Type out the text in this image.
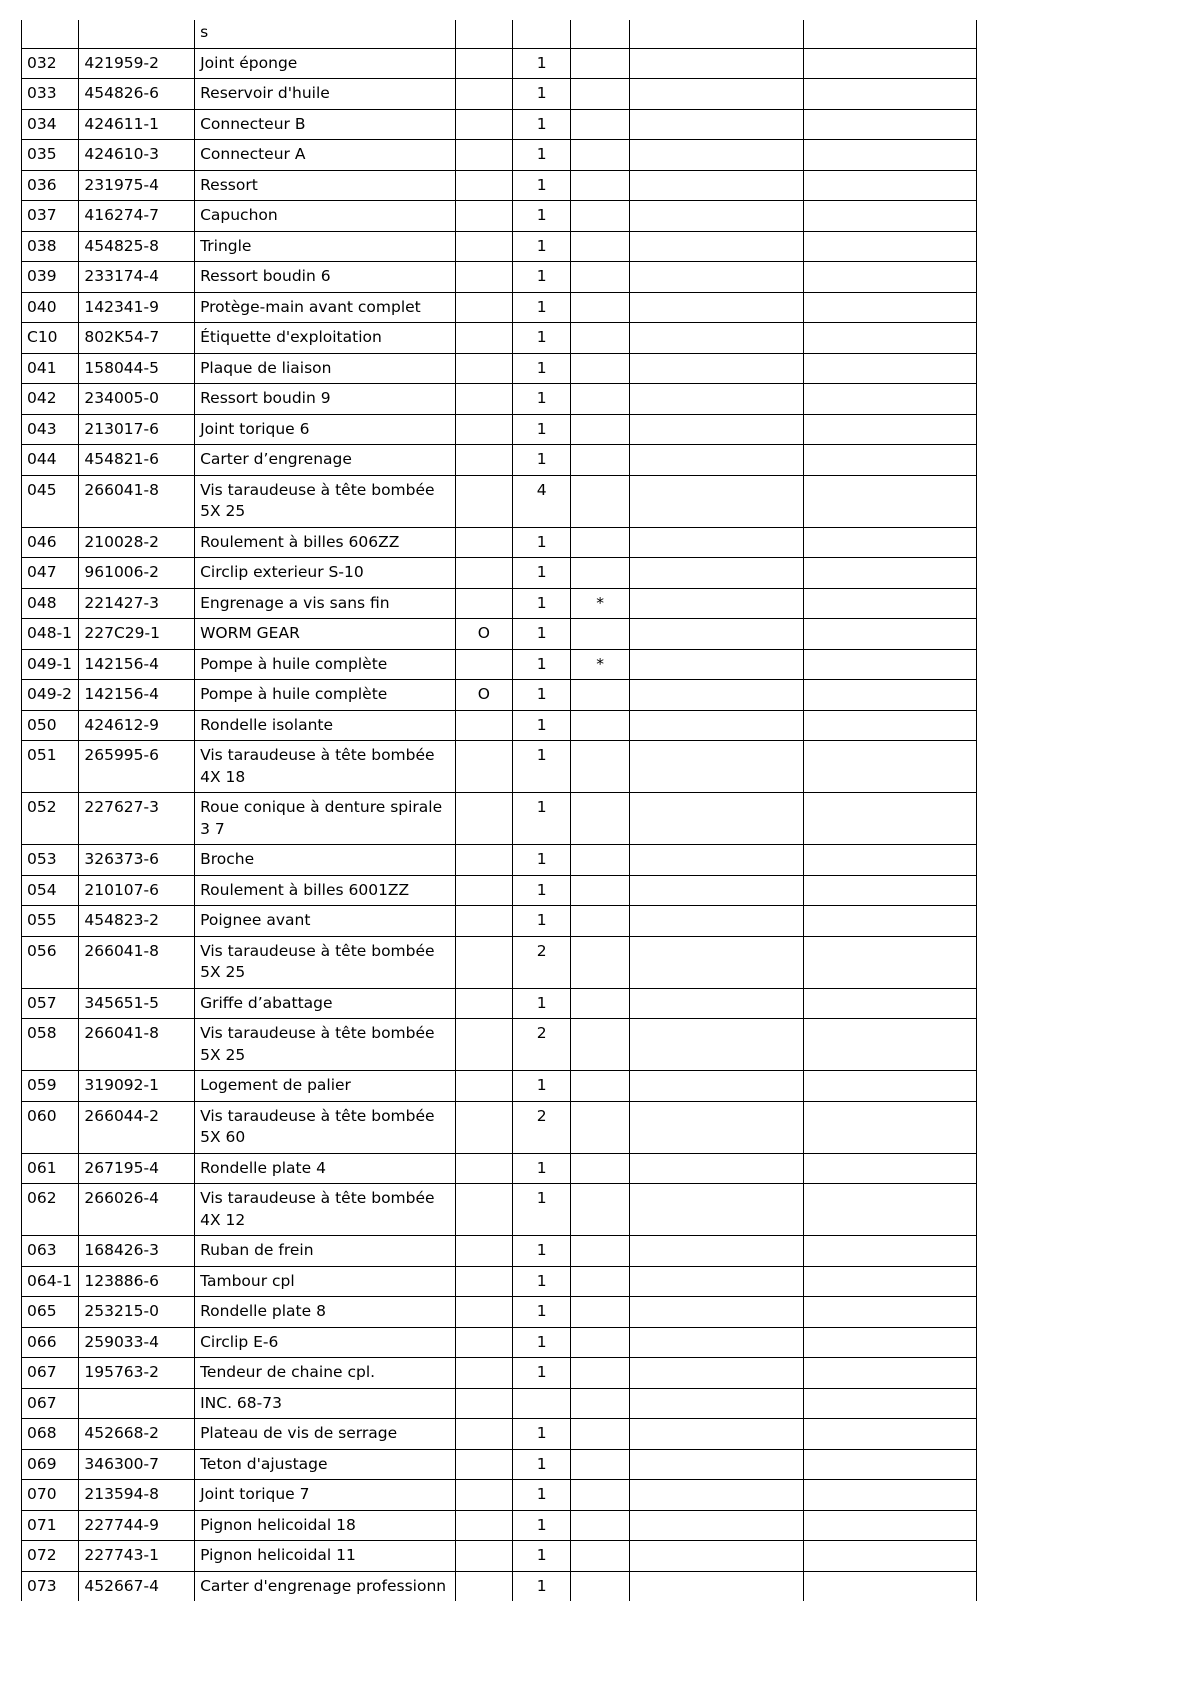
		s					
032	421959-2	Joint éponge		1			
033	454826-6	Reservoir d'huile		1			
034	424611-1	Connecteur B		1			
035	424610-3	Connecteur A		1			
036	231975-4	Ressort		1			
037	416274-7	Capuchon		1			
038	454825-8	Tringle		1			
039	233174-4	Ressort boudin 6		1			
040	142341-9	Protège-main avant complet		1			
C10	802K54-7	Étiquette d'exploitation		1			
041	158044-5	Plaque de liaison		1			
042	234005-0	Ressort boudin 9		1			
043	213017-6	Joint torique 6		1			
044	454821-6	Carter d’engrenage		1			
045	266041-8	Vis taraudeuse à tête bombée 5X 25		4			
046	210028-2	Roulement à billes 606ZZ		1			
047	961006-2	Circlip exterieur S-10		1			
048	221427-3	Engrenage a vis sans fin		1	*		
048-1	227C29-1	WORM GEAR	O	1			
049-1	142156-4	Pompe à huile complète		1	*		
049-2	142156-4	Pompe à huile complète	O	1			
050	424612-9	Rondelle isolante		1			
051	265995-6	Vis taraudeuse à tête bombée 4X 18		1			
052	227627-3	Roue conique à denture spirale 3 7		1			
053	326373-6	Broche		1			
054	210107-6	Roulement à billes 6001ZZ		1			
055	454823-2	Poignee avant		1			
056	266041-8	Vis taraudeuse à tête bombée 5X 25		2			
057	345651-5	Griffe d’abattage		1			
058	266041-8	Vis taraudeuse à tête bombée 5X 25		2			
059	319092-1	Logement de palier		1			
060	266044-2	Vis taraudeuse à tête bombée 5X 60		2			
061	267195-4	Rondelle plate 4		1			
062	266026-4	Vis taraudeuse à tête bombée 4X 12		1			
063	168426-3	Ruban de frein		1			
064-1	123886-6	Tambour cpl		1			
065	253215-0	Rondelle plate 8		1			
066	259033-4	Circlip E-6		1			
067	195763-2	Tendeur de chaine cpl.		1			
067		INC. 68-73					
068	452668-2	Plateau de vis de serrage		1			
069	346300-7	Teton d'ajustage		1			
070	213594-8	Joint torique 7		1			
071	227744-9	Pignon helicoidal 18		1			
072	227743-1	Pignon helicoidal 11		1			
073	452667-4	Carter d'engrenage professionn		1			
